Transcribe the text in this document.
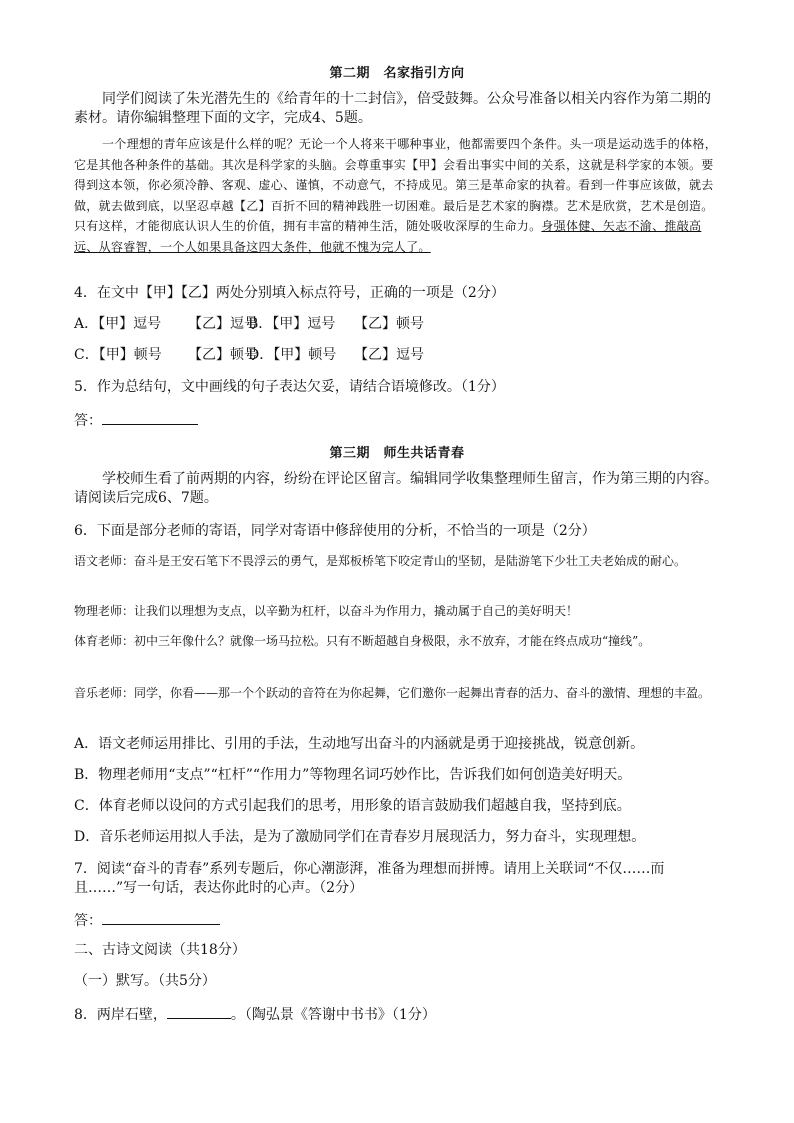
第二期　名家指引方向
同学们阅读了朱光潜先生的《给青年的十二封信》，倍受鼓舞。公众号准备以相关内容作为第二期的素材。请你编辑整理下面的文字，完成4、5题。
一个理想的青年应该是什么样的呢？无论一个人将来干哪种事业，他都需要四个条件。头一项是运动选手的体格，它是其他各种条件的基础。其次是科学家的头脑。会尊重事实【甲】会看出事实中间的关系，这就是科学家的本领。要得到这本领，你必须冷静、客观、虚心、谨慎，不动意气，不持成见。第三是革命家的执着。看到一件事应该做，就去做，就去做到底，以坚忍卓越【乙】百折不回的精神践胜一切困难。最后是艺术家的胸襟。艺术是欣赏，艺术是创造。只有这样，才能彻底认识人生的价值，拥有丰富的精神生活，随处吸收深厚的生命力。身强体健、矢志不渝、推敲高远、从容睿智，一个人如果具备这四大条件，他就不愧为完人了。
4．在文中【甲】【乙】两处分别填入标点符号，正确的一项是（2分）
A．【甲】逗号 【乙】逗号B．【甲】逗号 【乙】顿号
C．【甲】顿号 【乙】顿号D．【甲】顿号 【乙】逗号
5．作为总结句，文中画线的句子表达欠妥，请结合语境修改。（1分）
答：
第三期　师生共话青春
学校师生看了前两期的内容，纷纷在评论区留言。编辑同学收集整理师生留言，作为第三期的内容。请阅读后完成6、7题。
6．下面是部分老师的寄语，同学对寄语中修辞使用的分析，不恰当的一项是（2分）
语文老师： 奋斗是王安石笔下不畏浮云的勇气，是郑板桥笔下咬定青山的坚韧，是陆游笔下少壮工夫老始成的耐心。
物理老师： 让我们以理想为支点，以辛勤为杠杆，以奋斗为作用力，撬动属于自己的美好明天！
体育老师： 初中三年像什么？就像一场马拉松。只有不断超越自身极限，永不放弃，才能在终点成功“撞线”。
音乐老师： 同学，你看——那一个个跃动的音符在为你起舞，它们邀你一起舞出青春的活力、奋斗的激情、理想的丰盈。
A．语文老师运用排比、引用的手法，生动地写出奋斗的内涵就是勇于迎接挑战，锐意创新。
B．物理老师用“支点”“杠杆”“作用力”等物理名词巧妙作比，告诉我们如何创造美好明天。
C．体育老师以设问的方式引起我们的思考，用形象的语言鼓励我们超越自我，坚持到底。
D．音乐老师运用拟人手法，是为了激励同学们在青春岁月展现活力，努力奋斗，实现理想。
7．阅读“奋斗的青春”系列专题后，你心潮澎湃，准备为理想而拼博。请用上关联词“不仅……而且……”写一句话，表达你此时的心声。（2分）
答：
二、古诗文阅读（共18分）
（一）默写。（共5分）
8．两岸石壁，	。（陶弘景《答谢中书书》（1分）
